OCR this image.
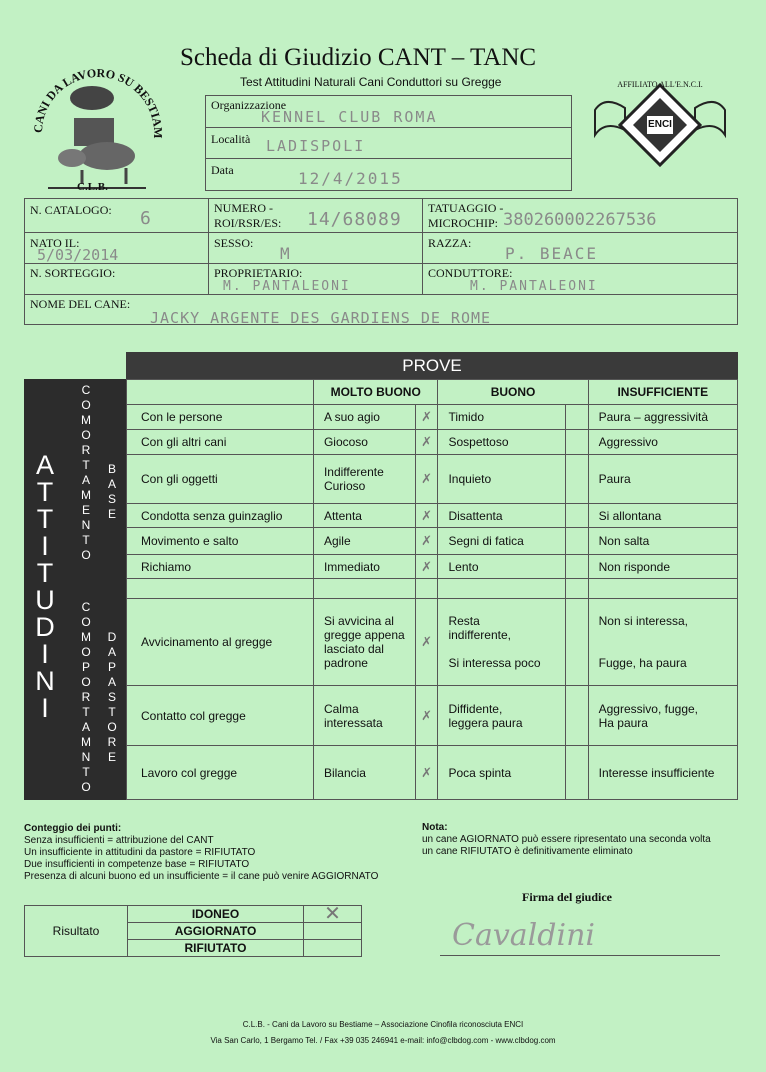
CANI DA LAVORO SU BESTIAM
C.L.B.
Scheda di Giudizio CANT – TANC
Test Attitudini Naturali Cani Conduttori su Gregge
ENCI
AFFILIATO ALL'E.N.C.I.
Organizzazione
KENNEL CLUB ROMA
Località LADISPOLI
Data	12/4/2015
N. CATALOGO: 6	NUMERO -
ROI/RSR/ES: 14/68089
TATUAGGIO -
MICROCHIP: 380260002267536
NATO IL:
5/03/2014
SESSO:
M
RAZZA:
P. BEACE
N. SORTEGGIO:	PROPRIETARIO:
M. PANTALEONI
CONDUTTORE:
M. PANTALEONI
NOME DEL CANE:
JACKY ARGENTE DES GARDIENS DE ROME
PROVE
A
T
T
I
T
U
D
I
N
I
C
O
M
O
R
T
A
M
E
N
T
O
B
A
S
E
C
O
M
O
P
O
R
T
A
M
N
T
O
D
A
P
A
S
T
O
R
E
	MOLTO BUONO		BUONO		INSUFFICIENTE
Con le persone	A suo agio	✗	Timido		Paura – aggressività
Con gli altri cani	Giocoso	✗	Sospettoso		Aggressivo
Con gli oggetti	Indifferente
Curioso	✗	Inquieto		Paura
Condotta senza guinzaglio	Attenta	✗	Disattenta		Si allontana
Movimento e salto	Agile	✗	Segni di fatica		Non salta
Richiamo	Immediato	✗	Lento		Non risponde

Avvicinamento al gregge	Si avvicina al
gregge appena
lasciato dal
padrone	✗	Resta
indifferente,

Si interessa poco		Non si interessa,

Fugge, ha paura
Contatto col gregge	Calma interessata	✗	Diffidente,
leggera paura		Aggressivo, fugge,
Ha paura
Lavoro col gregge	Bilancia	✗	Poca spinta		Interesse insufficiente
Conteggio dei punti:
Senza insufficienti = attribuzione del CANT
Un insufficiente in attitudini da pastore = RIFIUTATO
Due insufficienti in competenze base = RIFIUTATO
Presenza di alcuni buono ed un insufficiente = il cane può venire AGGIORNATO
Nota:
un cane AGIORNATO può essere ripresentato una seconda volta
un cane RIFIUTATO è definitivamente eliminato
Risultato	IDONEO	✕
	AGGIORNATO	
	RIFIUTATO	
Firma del giudice
Cavaldini
C.L.B. - Cani da Lavoro su Bestiame – Associazione Cinofila riconosciuta ENCI
Via San Carlo, 1 Bergamo Tel. / Fax +39 035 246941 e-mail: info@clbdog.com - www.clbdog.com
